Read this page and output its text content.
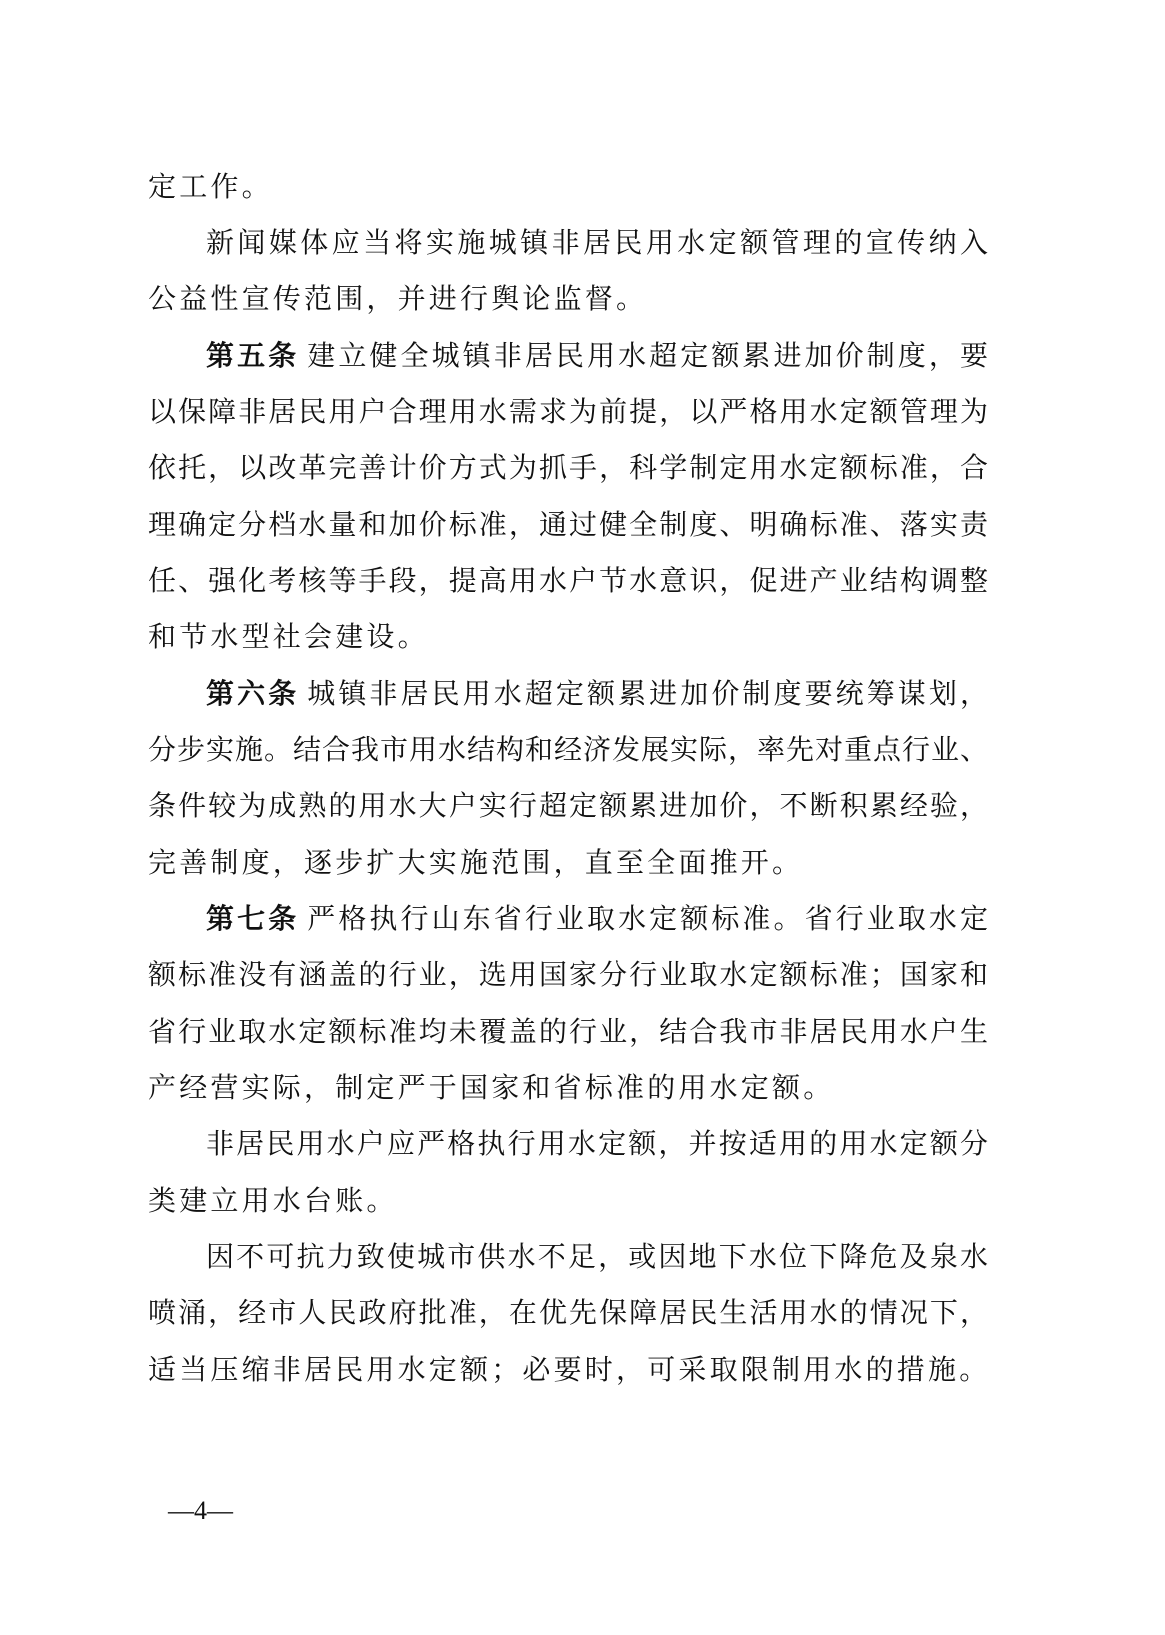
定工作。
新闻媒体应当将实施城镇非居民用水定额管理的宣传纳入
公益性宣传范围，并进行舆论监督。
第五条 建立健全城镇非居民用水超定额累进加价制度，要
以保障非居民用户合理用水需求为前提，以严格用水定额管理为
依托，以改革完善计价方式为抓手，科学制定用水定额标准，合
理确定分档水量和加价标准，通过健全制度、明确标准、落实责
任、强化考核等手段，提高用水户节水意识，促进产业结构调整
和节水型社会建设。
第六条 城镇非居民用水超定额累进加价制度要统筹谋划，
分步实施。结合我市用水结构和经济发展实际，率先对重点行业、
条件较为成熟的用水大户实行超定额累进加价，不断积累经验，
完善制度，逐步扩大实施范围，直至全面推开。
第七条 严格执行山东省行业取水定额标准。省行业取水定
额标准没有涵盖的行业，选用国家分行业取水定额标准；国家和
省行业取水定额标准均未覆盖的行业，结合我市非居民用水户生
产经营实际，制定严于国家和省标准的用水定额。
非居民用水户应严格执行用水定额，并按适用的用水定额分
类建立用水台账。
因不可抗力致使城市供水不足，或因地下水位下降危及泉水
喷涌，经市人民政府批准，在优先保障居民生活用水的情况下，
适当压缩非居民用水定额；必要时，可采取限制用水的措施。
—4—
